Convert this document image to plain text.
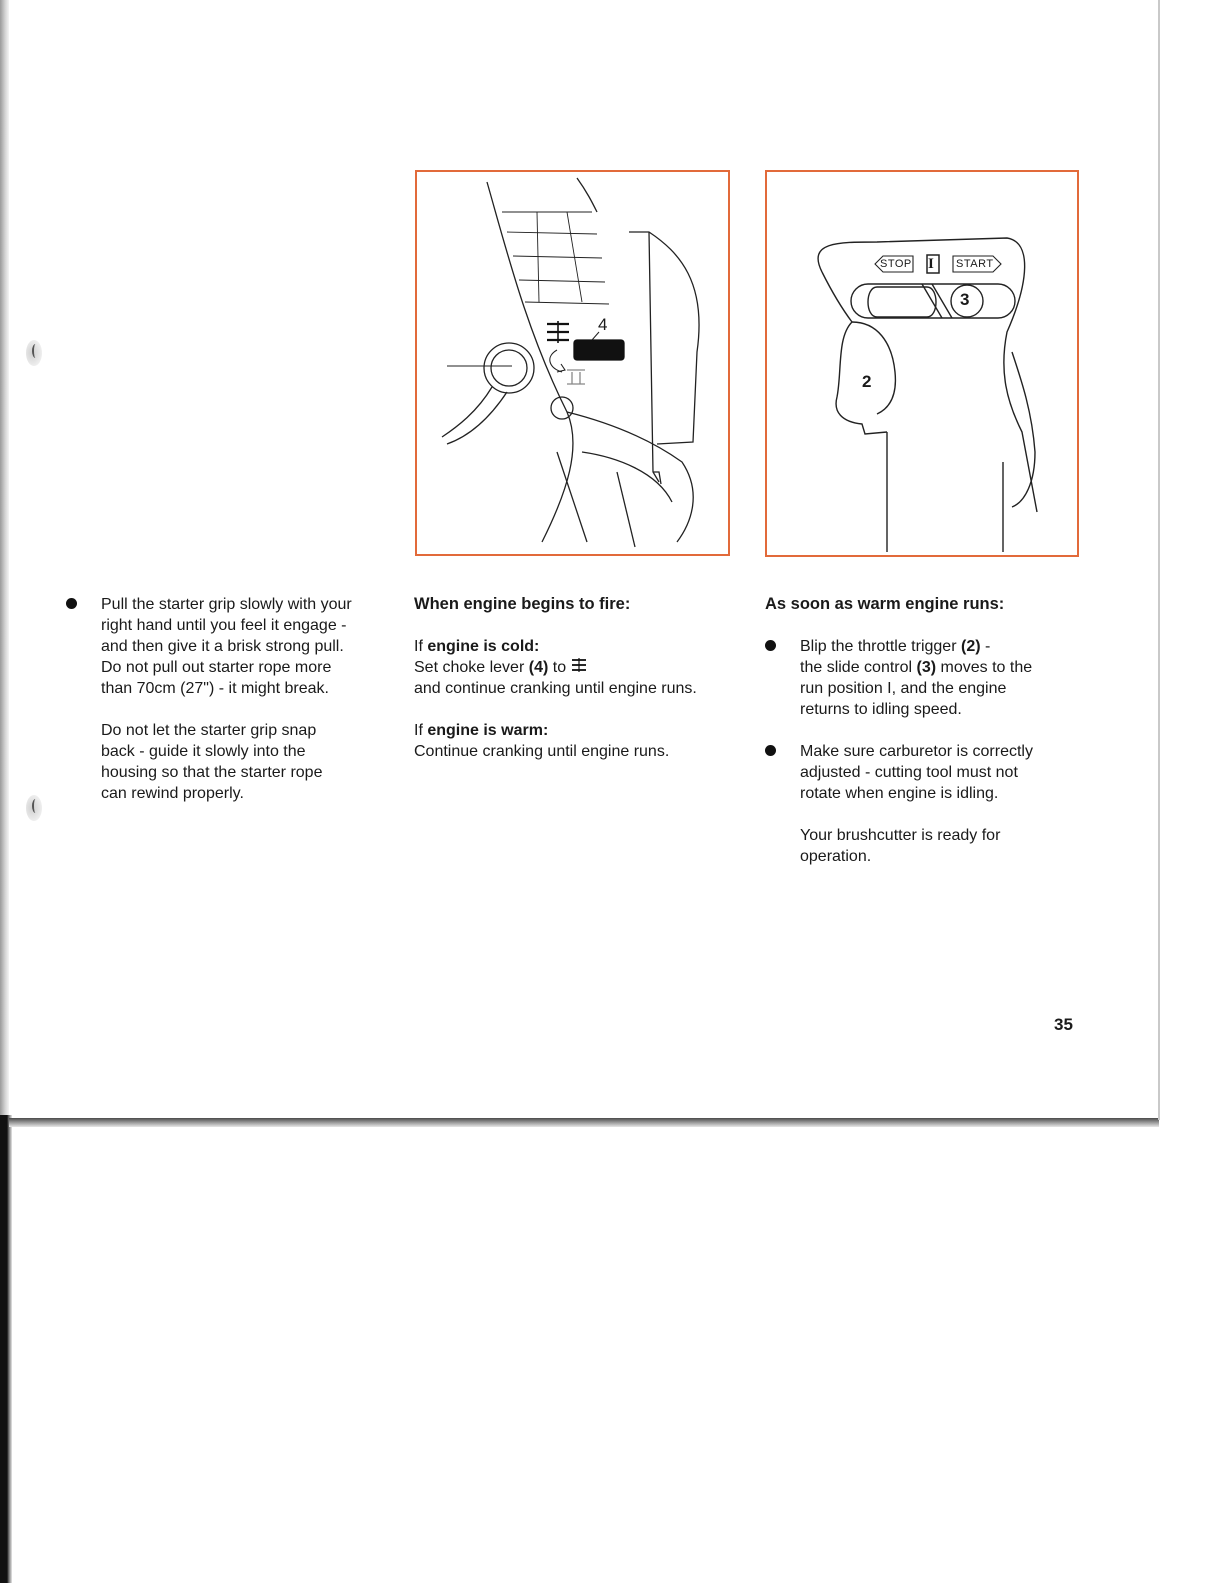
4
STOP I START
3
2

Pull the starter grip slowly with your

right hand until you feel it engage -

and then give it a brisk strong pull.

Do not pull out starter rope more

than 70cm (27") - it might break.

Do not let the starter grip snap

back - guide it slowly into the

housing so that the starter rope

can rewind properly.

When engine begins to fire:

If engine is cold:

Set choke lever (4) to

and continue cranking until engine runs.

If engine is warm:

Continue cranking until engine runs.

As soon as warm engine runs:

Blip the throttle trigger (2) -

the slide control (3) moves to the

run position I, and the engine

returns to idling speed.

Make sure carburetor is correctly

adjusted - cutting tool must not

rotate when engine is idling.

Your brushcutter is ready for

operation.

35
